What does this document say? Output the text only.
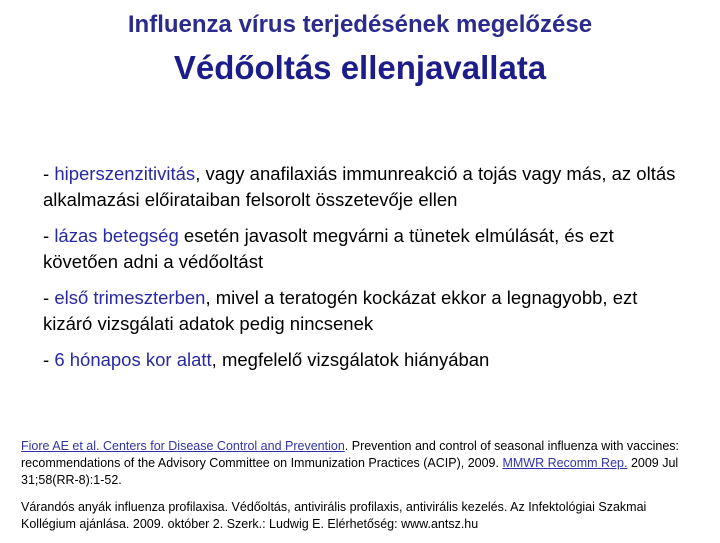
Influenza vírus terjedésének megelőzése
Védőoltás ellenjavallata
- hiperszenzitivitás, vagy anafilaxiás immunreakció a tojás vagy más, az oltás alkalmazási előirataiban felsorolt összetevője ellen
- lázas betegség esetén javasolt megvárni a tünetek elmúlását, és ezt követően adni a védőoltást
- első trimeszterben, mivel a teratogén kockázat ekkor a legnagyobb, ezt kizáró vizsgálati adatok pedig nincsenek
- 6 hónapos kor alatt, megfelelő vizsgálatok hiányában
Fiore AE et al. Centers for Disease Control and Prevention. Prevention and control of seasonal influenza with vaccines: recommendations of the Advisory Committee on Immunization Practices (ACIP), 2009. MMWR Recomm Rep. 2009 Jul 31;58(RR-8):1-52.
Várandós anyák influenza profilaxisa. Védőoltás, antivirális profilaxis, antivirális kezelés. Az Infektológiai Szakmai Kollégium ajánlása. 2009. október 2. Szerk.: Ludwig E. Elérhetőség: www.antsz.hu
